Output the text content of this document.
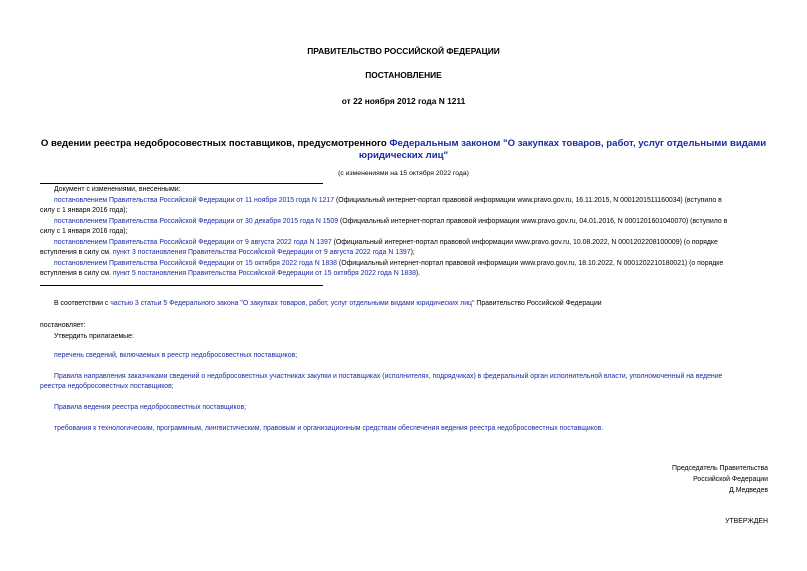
ПРАВИТЕЛЬСТВО РОССИЙСКОЙ ФЕДЕРАЦИИ
ПОСТАНОВЛЕНИЕ
от 22 ноября 2012 года N 1211
О ведении реестра недобросовестных поставщиков, предусмотренного Федеральным законом "О закупках товаров, работ, услуг отдельными видами
юридических лиц"
(с изменениями на 15 октября 2022 года)
Документ с изменениями, внесенными:
постановлением Правительства Российской Федерации от 11 ноября 2015 года N 1217 (Официальный интернет-портал правовой информации www.pravo.gov.ru, 16.11.2015, N 0001201511160034) (вступило в
силу с 1 января 2016 года);
постановлением Правительства Российской Федерации от 30 декабря 2015 года N 1509 (Официальный интернет-портал правовой информации www.pravo.gov.ru, 04.01.2016, N 0001201601040070) (вступило в
силу с 1 января 2016 года);
постановлением Правительства Российской Федерации от 9 августа 2022 года N 1397 (Официальный интернет-портал правовой информации www.pravo.gov.ru, 10.08.2022, N 0001202208100009) (о порядке
вступления в силу см. пункт 3 постановления Правительства Российской Федерации от 9 августа 2022 года N 1397);
постановлением Правительства Российской Федерации от 15 октября 2022 года N 1838 (Официальный интернет-портал правовой информации www.pravo.gov.ru, 18.10.2022, N 0001202210180021) (о порядке
вступления в силу см. пункт 5 постановления Правительства Российской Федерации от 15 октября 2022 года N 1838).
В соответствии с частью 3 статьи 5 Федерального закона "О закупках товаров, работ, услуг отдельными видами юридических лиц" Правительство Российской Федерации
постановляет:
Утвердить прилагаемые:
перечень сведений, включаемых в реестр недобросовестных поставщиков;
Правила направления заказчиками сведений о недобросовестных участниках закупки и поставщиках (исполнителях, подрядчиках) в федеральный орган исполнительной власти, уполномоченный на ведение
реестра недобросовестных поставщиков;
Правила ведения реестра недобросовестных поставщиков;
требования к технологическим, программным, лингвистическим, правовым и организационным средствам обеспечения ведения реестра недобросовестных поставщиков.
Председатель Правительства
Российской Федерации
Д.Медведев
УТВЕРЖДЕН
